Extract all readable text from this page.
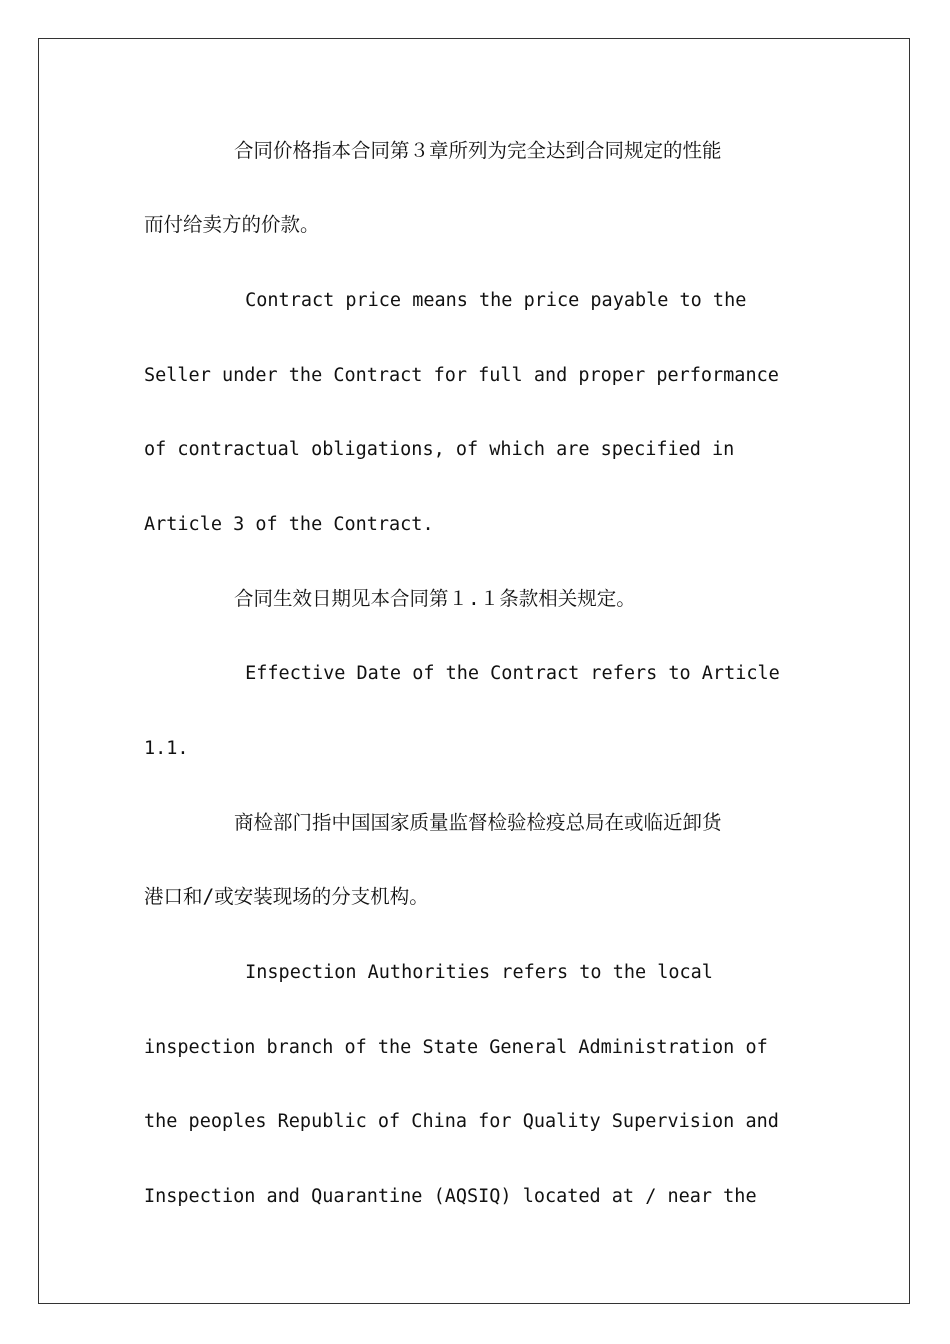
合同价格指本合同第３章所列为完全达到合同规定的性能
而付给卖方的价款。
Contract price means the price payable to the
Seller under the Contract for full and proper performance
of contractual obligations, of which are specified in
Article 3 of the Contract.
合同生效日期见本合同第１.１条款相关规定。
Effective Date of the Contract refers to Article
1.1.
商检部门指中国国家质量监督检验检疫总局在或临近卸货
港口和/或安装现场的分支机构。
Inspection Authorities refers to the local
inspection branch of the State General Administration of
the peoples Republic of China for Quality Supervision and
Inspection and Quarantine (AQSIQ) located at / near the
